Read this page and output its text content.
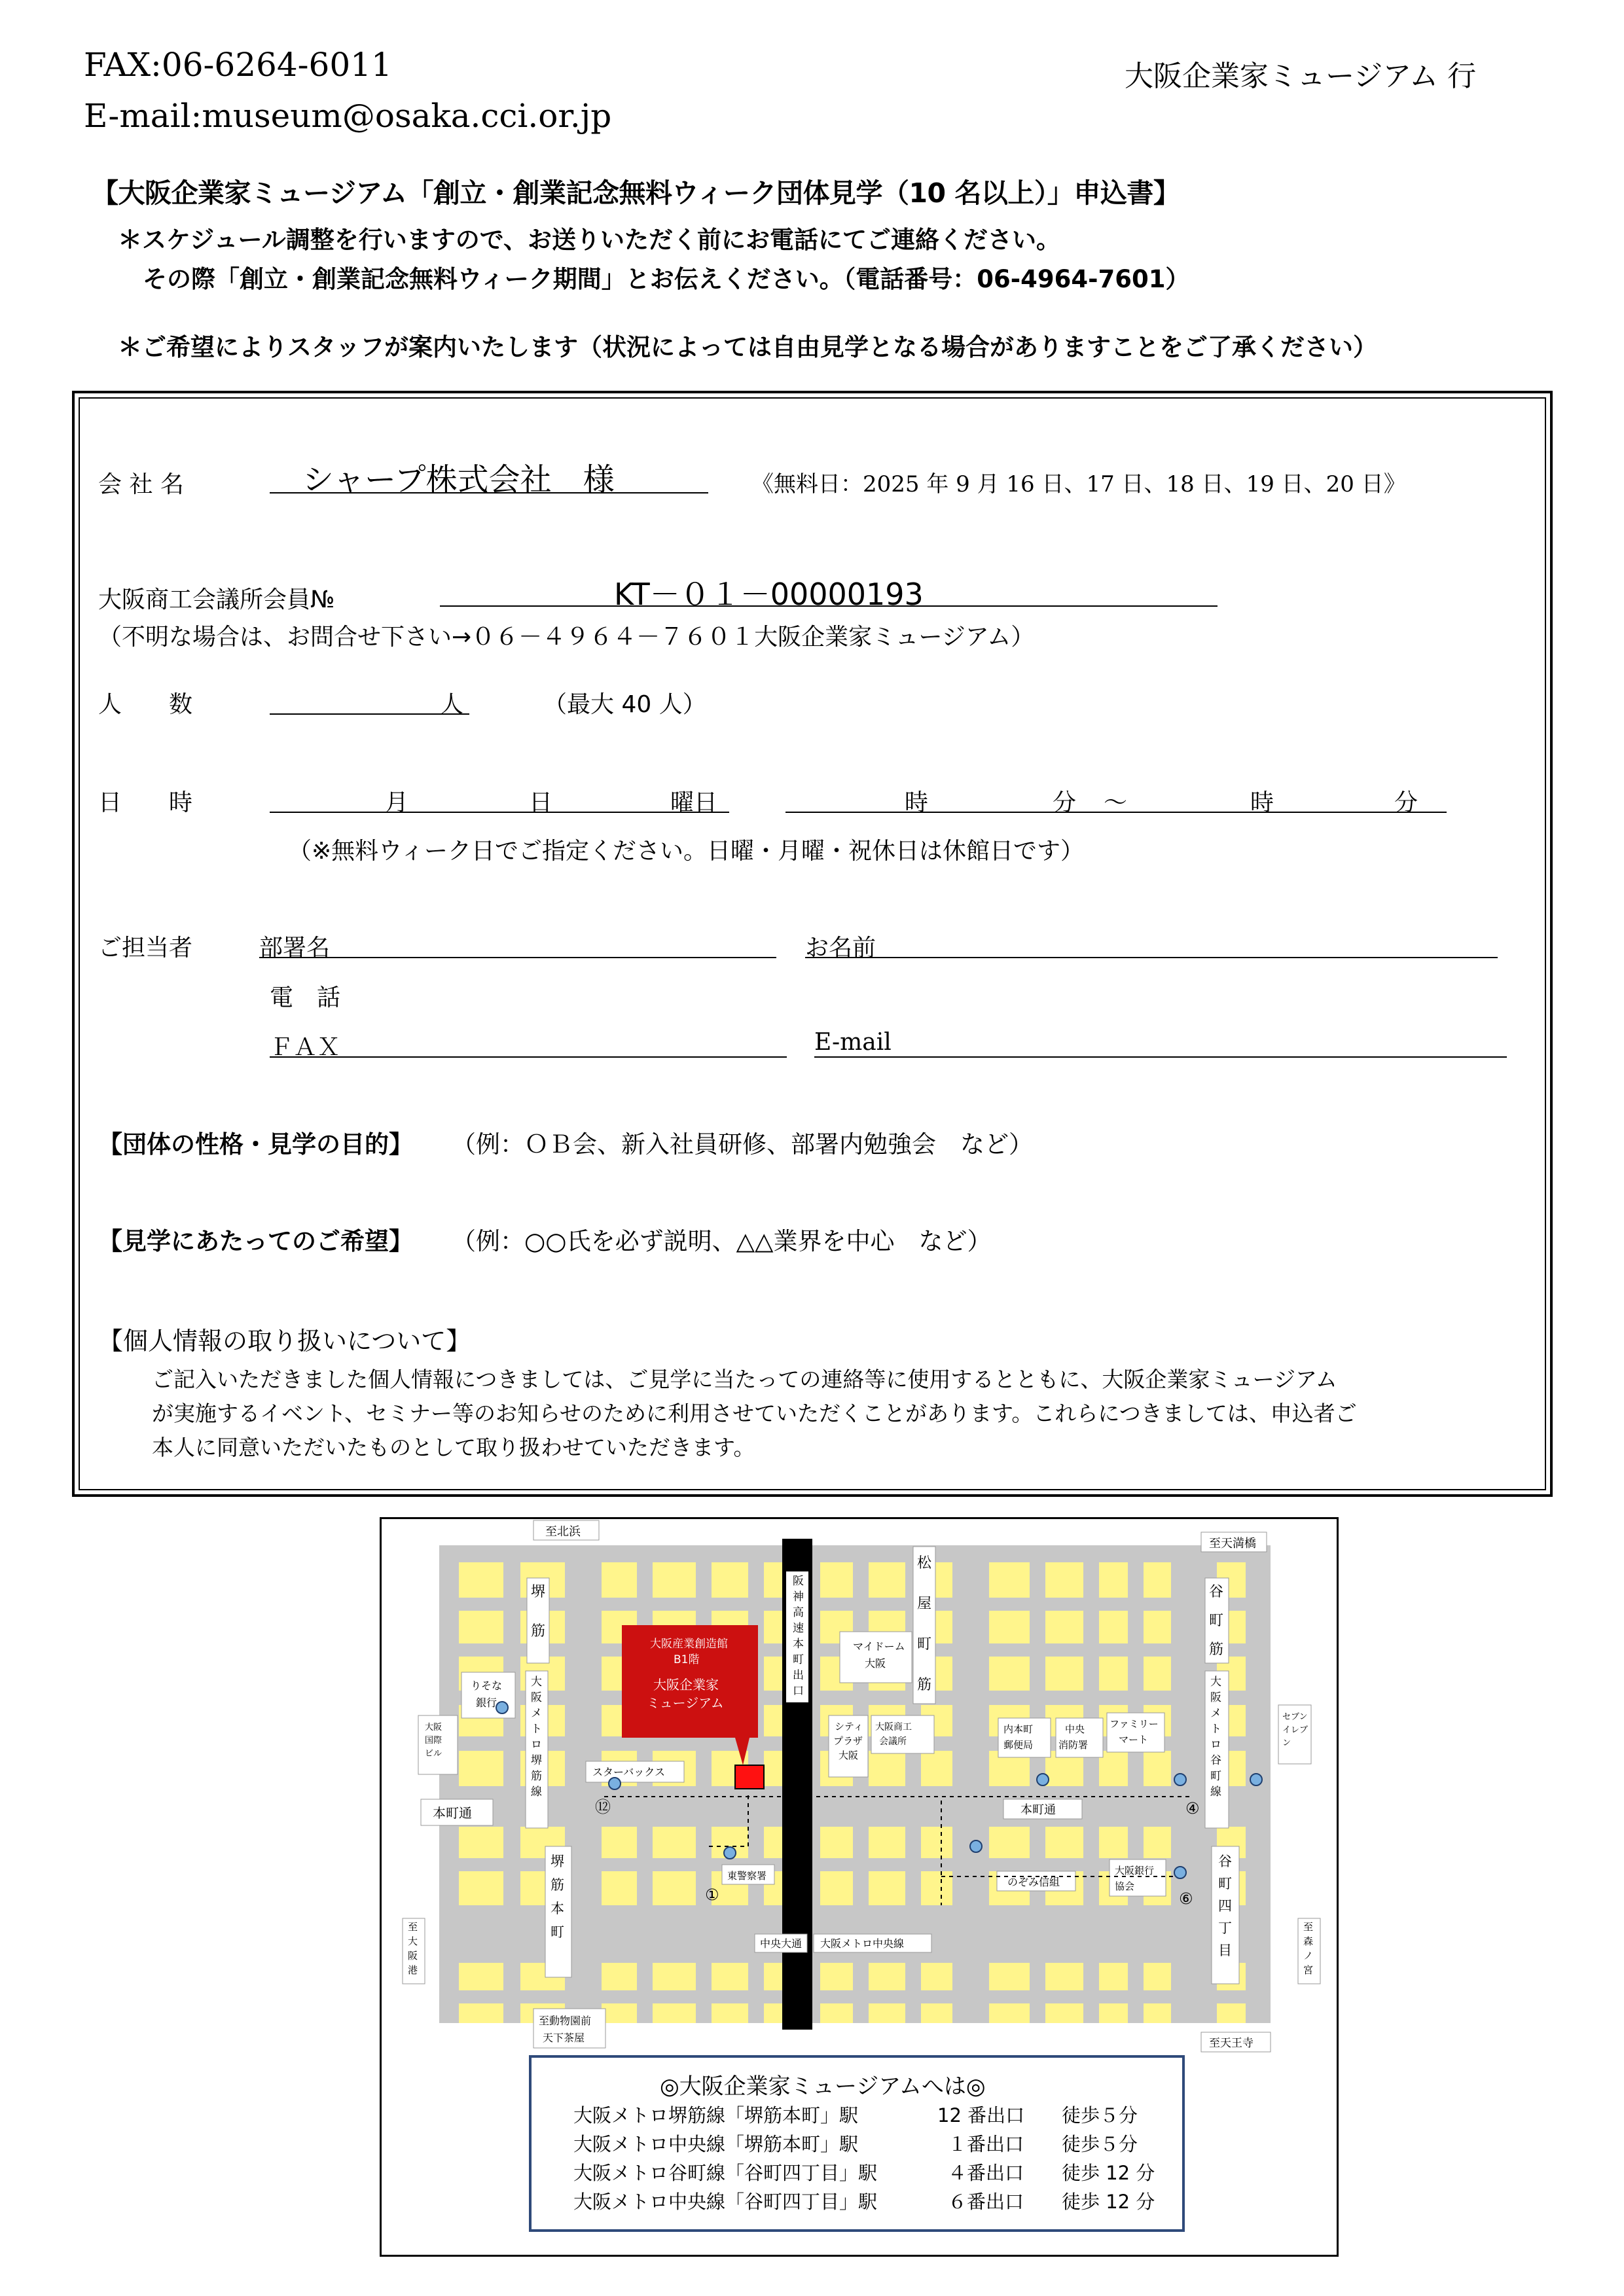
FAX:06-6264-6011
E-mail:museum@osaka.cci.or.jp
大阪企業家ミュージアム 行
【大阪企業家ミュージアム「創立・創業記念無料ウィーク団体見学（10 名以上）」申込書】
＊スケジュール調整を行いますので、お送りいただく前にお電話にてご連絡ください。
その際「創立・創業記念無料ウィーク期間」とお伝えください。（電話番号：06-4964-7601）
＊ご希望によりスタッフが案内いたします（状況によっては自由見学となる場合がありますことをご了承ください）
会 社 名	シャープ株式会社　様	《無料日：2025 年 9 月 16 日、17 日、18 日、19 日、20 日》
大阪商工会議所会員№	KT－０１－00000193
（不明な場合は、お問合せ下さい→０６－４９６４－７６０１大阪企業家ミュージアム）
人　　数	人	（最大 40 人）
日　　時	月	日	曜日	時	分 ～	時	分
（※無料ウィーク日でご指定ください。日曜・月曜・祝休日は休館日です）
ご担当者	部署名	お名前
電　話
ＦＡＸ	E-mail
【団体の性格・見学の目的】 （例：ＯＢ会、新入社員研修、部署内勉強会　など）
【見学にあたってのご希望】 （例：○○氏を必ず説明、△△業界を中心　など）
【個人情報の取り扱いについて】
ご記入いただきました個人情報につきましては、ご見学に当たっての連絡等に使用するとともに、大阪企業家ミュージアム
が実施するイベント、セミナー等のお知らせのために利用させていただくことがあります。これらにつきましては、申込者ご
本人に同意いただいたものとして取り扱わせていただきます。
阪神高速本町出口
大阪産業創造館
B1階
大阪企業家
ミュージアム
至北浜
至天満橋
堺筋
谷町筋
松屋町筋
マイドーム大阪
りそな銀行
大阪メトロ堺筋線
大阪メトロ谷町線
大阪国際ビル
セブンイレブン
スターバックス
シティプラザ大阪
大阪商工会議所
内本町郵便局
中央消防署
ファミリーマート
本町通	本町通
⑫
①
④
⑥
堺筋本町
谷町四丁目
東警察署	のぞみ信組
大阪銀行協会
中央大通 大阪メトロ中央線
至大阪港
至森ノ宮
至動物園前天下茶屋	至天王寺
◎大阪企業家ミュージアムへは◎
大阪メトロ堺筋線「堺筋本町」駅	12 番出口 徒歩５分
大阪メトロ中央線「堺筋本町」駅	１番出口 徒歩５分
大阪メトロ谷町線「谷町四丁目」駅	４番出口 徒歩 12 分
大阪メトロ中央線「谷町四丁目」駅	６番出口 徒歩 12 分
